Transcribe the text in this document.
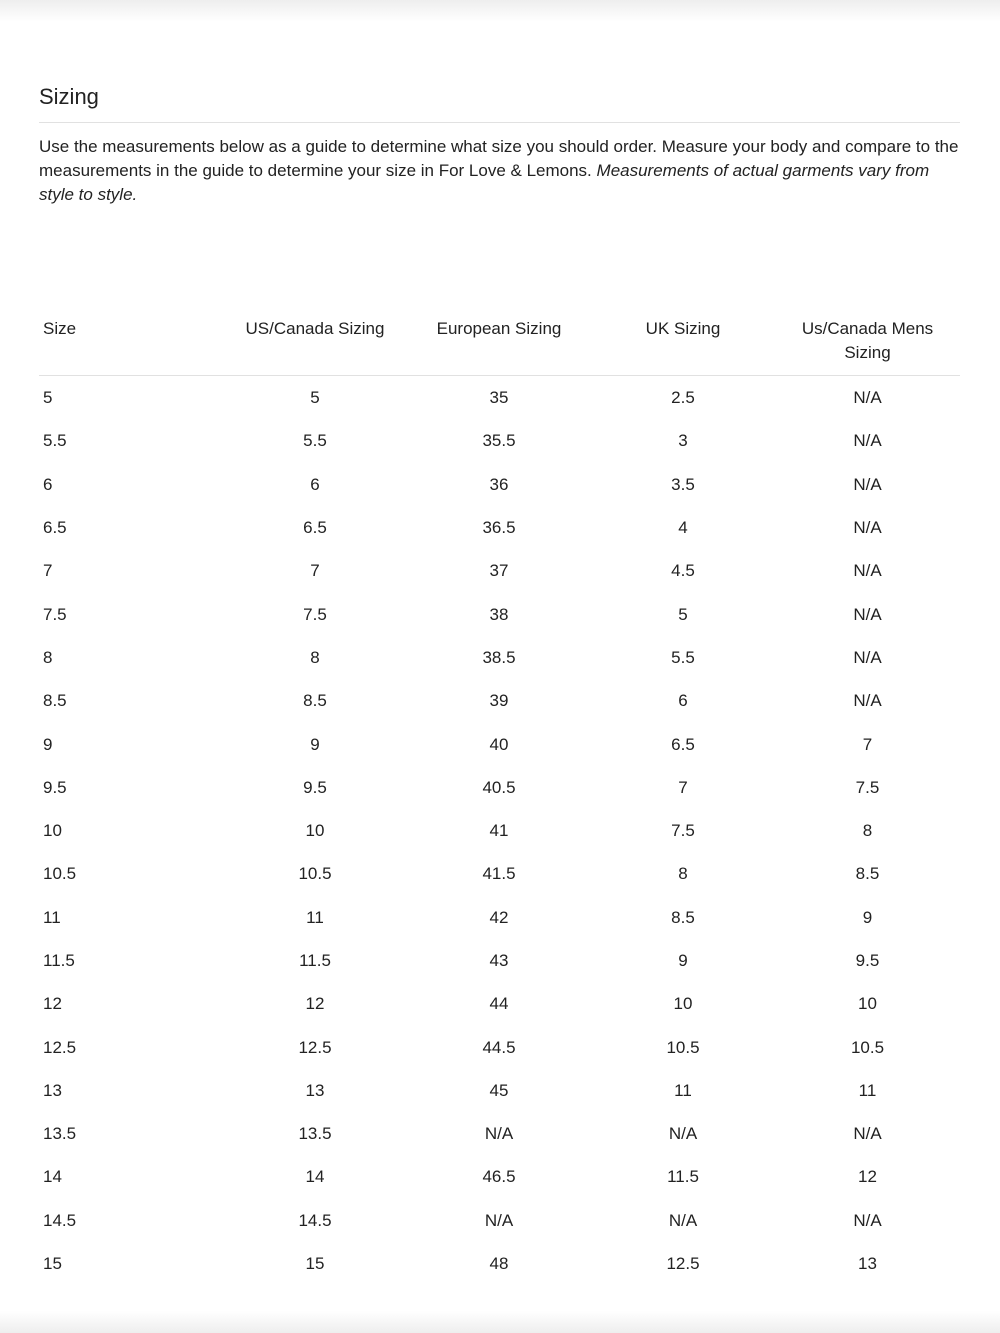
Sizing

Use the measurements below as a guide to determine what size you should order. Measure your body and compare to the measurements in the guide to determine your size in For Love & Lemons. Measurements of actual garments vary from style to style.

Size	US/Canada Sizing	European Sizing	UK Sizing	Us/Canada Mens Sizing
5	5	35	2.5	N/A
5.5	5.5	35.5	3	N/A
6	6	36	3.5	N/A
6.5	6.5	36.5	4	N/A
7	7	37	4.5	N/A
7.5	7.5	38	5	N/A
8	8	38.5	5.5	N/A
8.5	8.5	39	6	N/A
9	9	40	6.5	7
9.5	9.5	40.5	7	7.5
10	10	41	7.5	8
10.5	10.5	41.5	8	8.5
11	11	42	8.5	9
11.5	11.5	43	9	9.5
12	12	44	10	10
12.5	12.5	44.5	10.5	10.5
13	13	45	11	11
13.5	13.5	N/A	N/A	N/A
14	14	46.5	11.5	12
14.5	14.5	N/A	N/A	N/A
15	15	48	12.5	13
